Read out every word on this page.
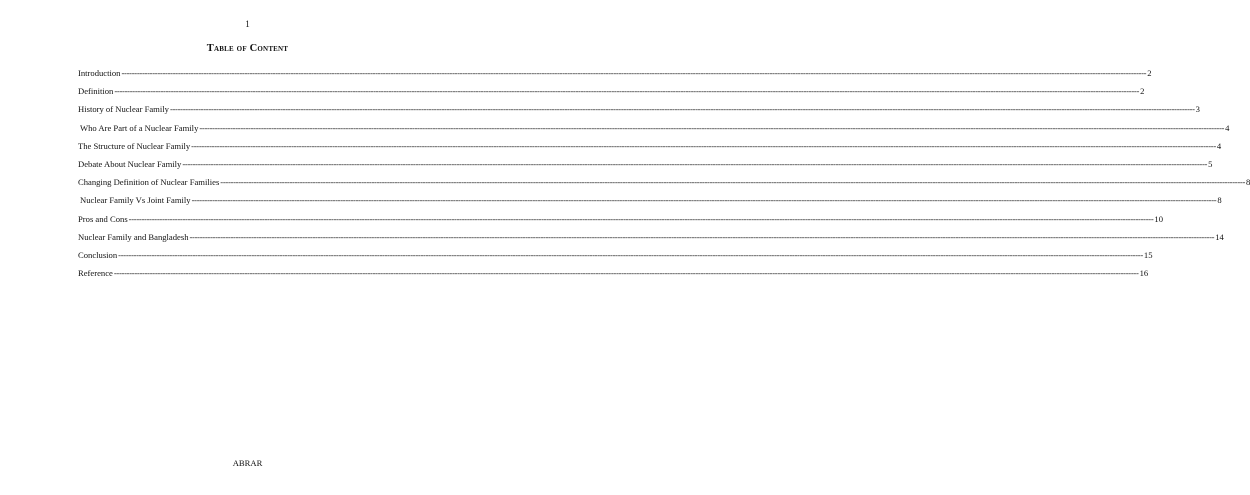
1
Table of Content
Introduction ---------------------------------------------------------------------------------------------------------------------------------------------------------------------------------------------------------------------------------------------------------------------------------------------------------------------------------------------------------------------------------------------------------------- 2
Definition ---------------------------------------------------------------------------------------------------------------------------------------------------------------------------------------------------------------------------------------------------------------------------------------------------------------------------------------------------------------------------------------------------------------- 2
History of Nuclear Family ---------------------------------------------------------------------------------------------------------------------------------------------------------------------------------------------------------------------------------------------------------------------------------------------------------------------------------------------------------------------------------------------------------------- 3
Who Are Part of a Nuclear Family ---------------------------------------------------------------------------------------------------------------------------------------------------------------------------------------------------------------------------------------------------------------------------------------------------------------------------------------------------------------------------------------------------------------- 4
The Structure of Nuclear Family ---------------------------------------------------------------------------------------------------------------------------------------------------------------------------------------------------------------------------------------------------------------------------------------------------------------------------------------------------------------------------------------------------------------- 4
Debate About Nuclear Family ---------------------------------------------------------------------------------------------------------------------------------------------------------------------------------------------------------------------------------------------------------------------------------------------------------------------------------------------------------------------------------------------------------------- 5
Changing Definition of Nuclear Families ---------------------------------------------------------------------------------------------------------------------------------------------------------------------------------------------------------------------------------------------------------------------------------------------------------------------------------------------------------------------------------------------------------------- 8
Nuclear Family Vs Joint Family ---------------------------------------------------------------------------------------------------------------------------------------------------------------------------------------------------------------------------------------------------------------------------------------------------------------------------------------------------------------------------------------------------------------- 8
Pros and Cons ---------------------------------------------------------------------------------------------------------------------------------------------------------------------------------------------------------------------------------------------------------------------------------------------------------------------------------------------------------------------------------------------------------------- 10
Nuclear Family and Bangladesh ---------------------------------------------------------------------------------------------------------------------------------------------------------------------------------------------------------------------------------------------------------------------------------------------------------------------------------------------------------------------------------------------------------------- 14
Conclusion ---------------------------------------------------------------------------------------------------------------------------------------------------------------------------------------------------------------------------------------------------------------------------------------------------------------------------------------------------------------------------------------------------------------- 15
Reference ---------------------------------------------------------------------------------------------------------------------------------------------------------------------------------------------------------------------------------------------------------------------------------------------------------------------------------------------------------------------------------------------------------------- 16
ABRAR
